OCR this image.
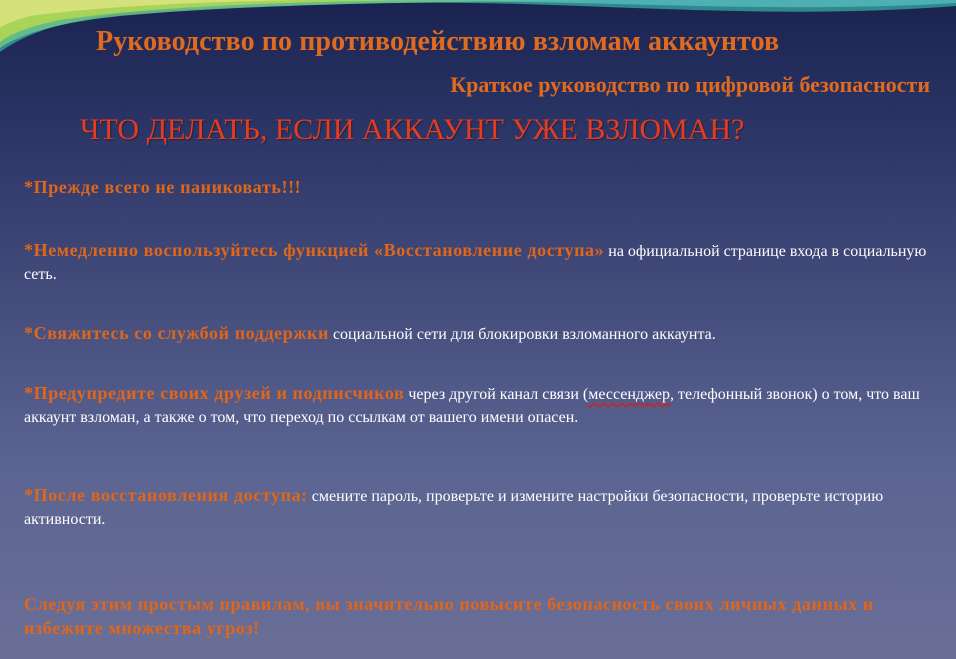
Руководство по противодействию взломам аккаунтов
Краткое руководство по цифровой безопасности
ЧТО ДЕЛАТЬ, ЕСЛИ АККАУНТ УЖЕ ВЗЛОМАН?
*Прежде всего не паниковать!!!
*Немедленно воспользуйтесь функцией «Восстановление доступа» на официальной странице входа в социальную сеть.
*Свяжитесь со службой поддержки социальной сети для блокировки взломанного аккаунта.
*Предупредите своих друзей и подписчиков через другой канал связи (мессенджер, телефонный звонок) о том, что ваш аккаунт взломан, а также о том, что переход по ссылкам от вашего имени опасен.
*После восстановления доступа: смените пароль, проверьте и измените настройки безопасности, проверьте историю активности.

Следуя этим простым правилам, вы значительно повысите безопасность своих личных данных и избежите множества угроз!
